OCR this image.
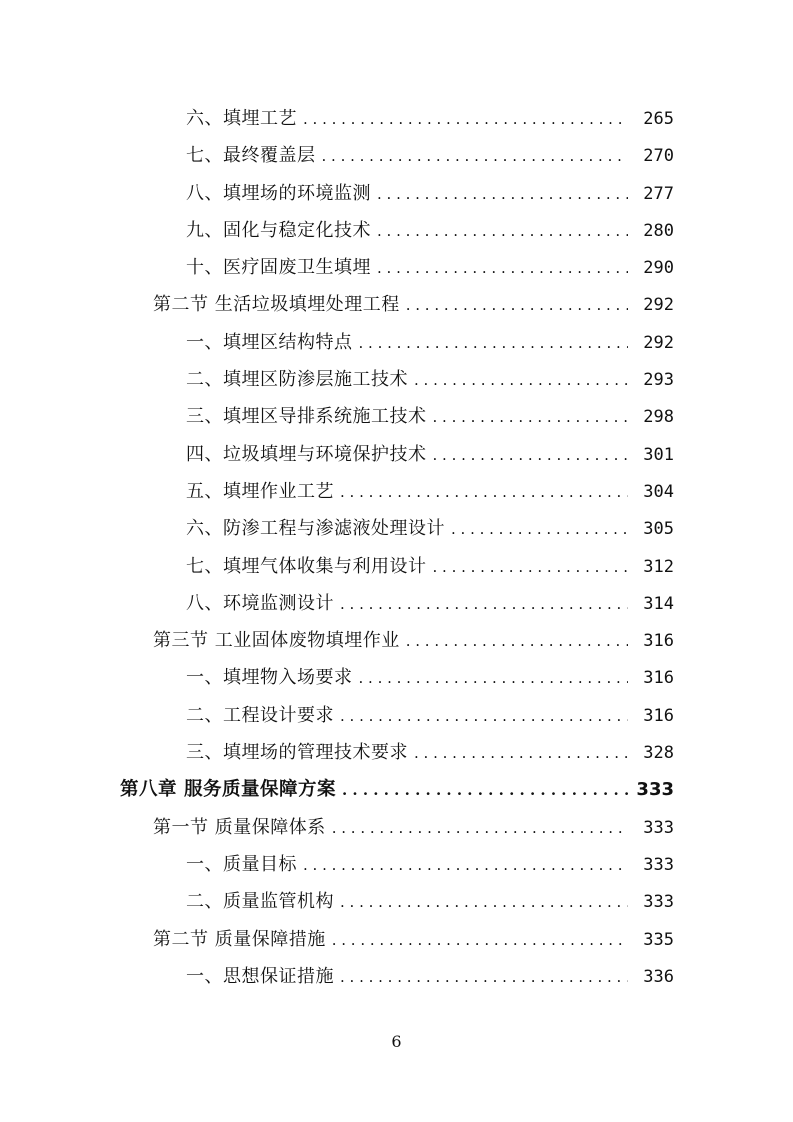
六、填埋工艺 . . .	265
七、最终覆盖层 . . .	270
八、填埋场的环境监测 . . .	277
九、固化与稳定化技术 . . .	280
十、医疗固废卫生填埋 . . .	290
第二节 生活垃圾填埋处理工程 . . .	292
一、填埋区结构特点 . . .	292
二、填埋区防渗层施工技术 . . .	293
三、填埋区导排系统施工技术 . . .	298
四、垃圾填埋与环境保护技术 . . .	301
五、填埋作业工艺 . . .	304
六、防渗工程与渗滤液处理设计 . . .	305
七、填埋气体收集与利用设计 . . .	312
八、环境监测设计 . . .	314
第三节 工业固体废物填埋作业 . . .	316
一、填埋物入场要求 . . .	316
二、工程设计要求 . . .	316
三、填埋场的管理技术要求 . . .	328
第八章 服务质量保障方案 . . .	333
第一节 质量保障体系 . . .	333
一、质量目标 . . .	333
二、质量监管机构 . . .	333
第二节 质量保障措施 . . .	335
一、思想保证措施 . . .	336
6
